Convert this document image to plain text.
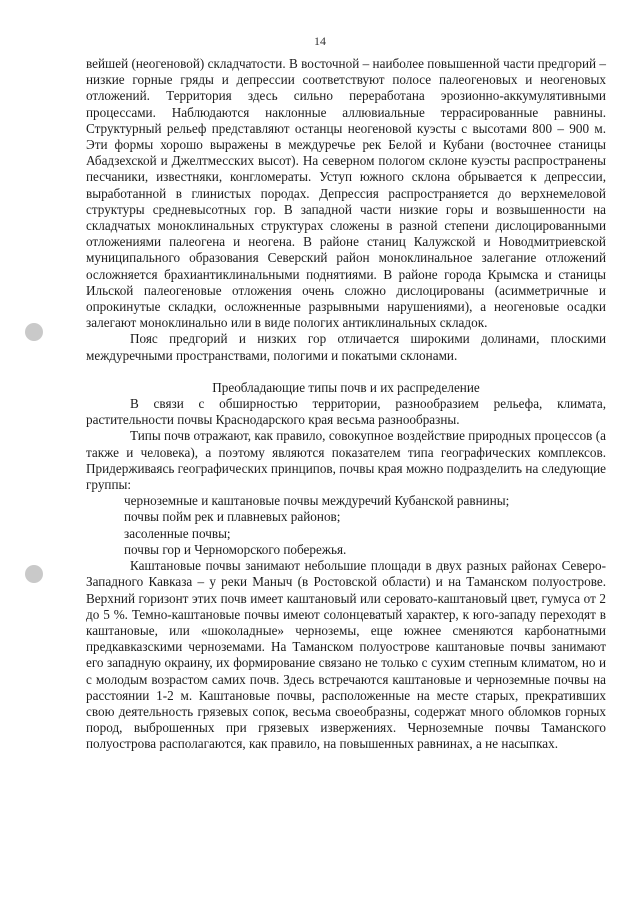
14

вейшей (неогеновой) складчатости. В восточной – наиболее повышенной части предгорий – низкие горные гряды и депрессии соответствуют полосе палеогеновых и неогеновых отложений. Территория здесь сильно переработана эрозионно-аккумулятивными процессами. Наблюдаются наклонные аллювиальные террасированные равнины. Структурный рельеф представляют останцы неогеновой куэсты с высотами 800 – 900 м. Эти формы хорошо выражены в междуречье рек Белой и Кубани (восточнее станицы Абадзехской и Джелтмесских высот). На северном пологом склоне куэсты распространены песчаники, известняки, конгломераты. Уступ южного склона обрывается к депрессии, выработанной в глинистых породах. Депрессия распространяется до верхнемеловой структуры средневысотных гор. В западной части низкие горы и возвышенности на складчатых моноклинальных структурах сложены в разной степени дислоцированными отложениями палеогена и неогена. В районе станиц Калужской и Новодмитриевской муниципального образования Северский район моноклинальное залегание отложений осложняется брахиантиклинальными поднятиями. В районе города Крымска и станицы Ильской палеогеновые отложения очень сложно дислоцированы (асимметричные и опрокинутые складки, осложненные разрывными нарушениями), а неогеновые осадки залегают моноклинально или в виде пологих антиклинальных складок.

Пояс предгорий и низких гор отличается широкими долинами, плоскими междуречными пространствами, пологими и покатыми склонами.

Преобладающие типы почв и их распределение

В связи с обширностью территории, разнообразием рельефа, климата, растительности почвы Краснодарского края весьма разнообразны.

Типы почв отражают, как правило, совокупное воздействие природных процессов (а также и человека), а поэтому являются показателем типа географических комплексов. Придерживаясь географических принципов, почвы края можно подразделить на следующие группы:

черноземные и каштановые почвы междуречий Кубанской равнины;
почвы пойм рек и плавневых районов;
засоленные почвы;
почвы гор и Черноморского побережья.

Каштановые почвы занимают небольшие площади в двух разных районах Северо-Западного Кавказа – у реки Маныч (в Ростовской области) и на Таманском полуострове. Верхний горизонт этих почв имеет каштановый или серовато-каштановый цвет, гумуса от 2 до 5 %. Темно-каштановые почвы имеют солонцеватый характер, к юго-западу переходят в каштановые, или «шоколадные» черноземы, еще южнее сменяются карбонатными предкавказскими черноземами. На Таманском полуострове каштановые почвы занимают его западную окраину, их формирование связано не только с сухим степным климатом, но и с молодым возрастом самих почв. Здесь встречаются каштановые и черноземные почвы на расстоянии 1-2 м. Каштановые почвы, расположенные на месте старых, прекративших свою деятельность грязевых сопок, весьма своеобразны, содержат много обломков горных пород, выброшенных при грязевых извержениях. Черноземные почвы Таманского полуострова располагаются, как правило, на повышенных равнинах, а не насыпках.
